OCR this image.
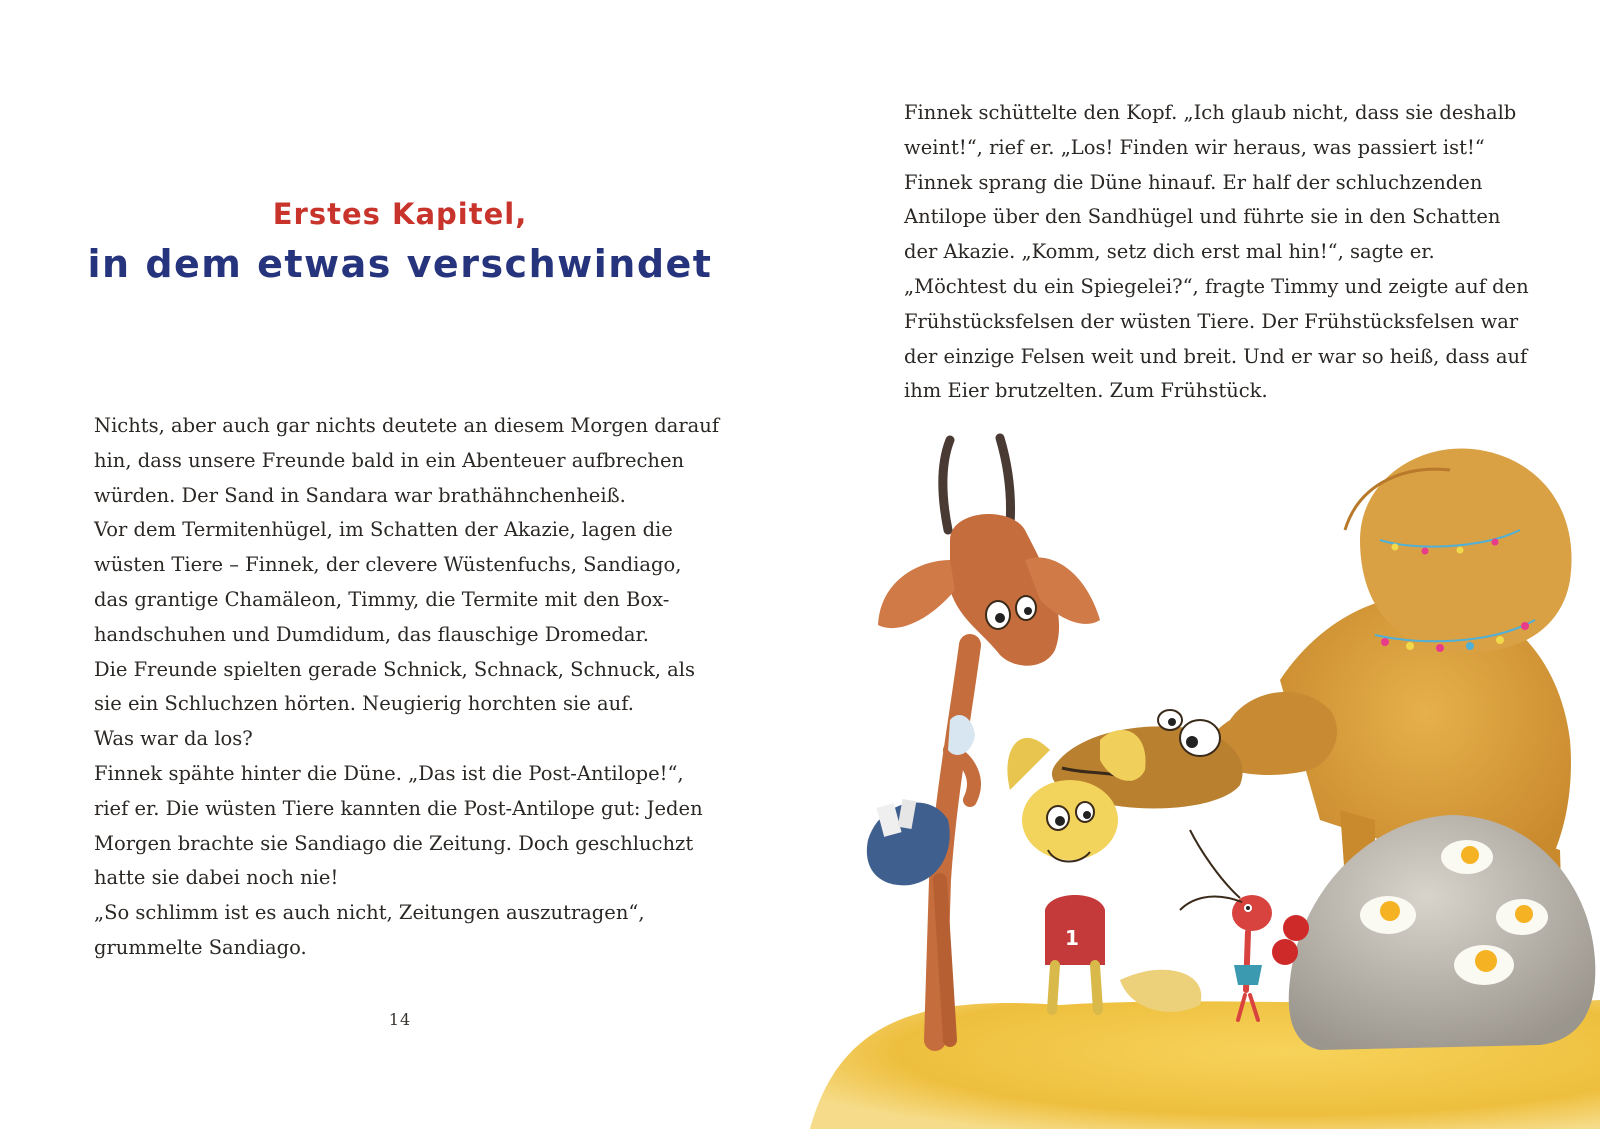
Erstes Kapitel,
in dem etwas verschwindet
Nichts, aber auch gar nichts deutete an diesem Morgen darauf
hin, dass unsere Freunde bald in ein Abenteuer aufbrechen
würden. Der Sand in Sandara war brathähnchenheiß.
Vor dem Termitenhügel, im Schatten der Akazie, lagen die
wüsten Tiere – Finnek, der clevere Wüstenfuchs, Sandiago,
das grantige Chamäleon, Timmy, die Termite mit den Box-
handschuhen und Dumdidum, das flauschige Dromedar.
Die Freunde spielten gerade Schnick, Schnack, Schnuck, als
sie ein Schluchzen hörten. Neugierig horchten sie auf.
Was war da los?
Finnek spähte hinter die Düne. „Das ist die Post-Antilope!“,
rief er. Die wüsten Tiere kannten die Post-Antilope gut: Jeden
Morgen brachte sie Sandiago die Zeitung. Doch geschluchzt
hatte sie dabei noch nie!
„So schlimm ist es auch nicht, Zeitungen auszutragen“,
grummelte Sandiago.
14
Finnek schüttelte den Kopf. „Ich glaub nicht, dass sie deshalb
weint!“, rief er. „Los! Finden wir heraus, was passiert ist!“
Finnek sprang die Düne hinauf. Er half der schluchzenden
Antilope über den Sandhügel und führte sie in den Schatten
der Akazie. „Komm, setz dich erst mal hin!“, sagte er.
„Möchtest du ein Spiegelei?“, fragte Timmy und zeigte auf den
Frühstücksfelsen der wüsten Tiere. Der Frühstücksfelsen war
der einzige Felsen weit und breit. Und er war so heiß, dass auf
ihm Eier brutzelten. Zum Frühstück.
1
